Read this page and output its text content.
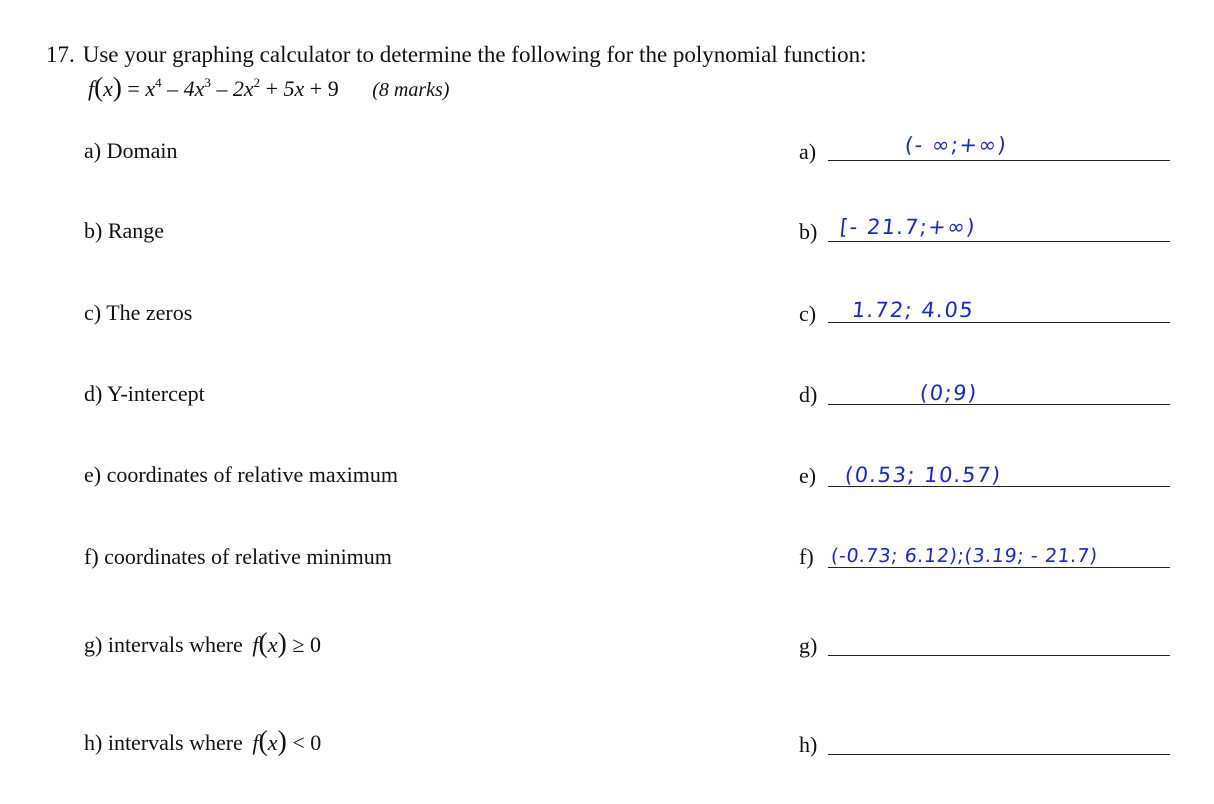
17. Use your graphing calculator to determine the following for the polynomial function:
$f(x) = x^4 - 4x^3 - 2x^2 + 5x + 9$ (8 marks)
a) Domain	a)	(- ∞;+∞)
b) Range	b) [- 21.7;+∞)
c) The zeros	c) 1.72; 4.05
d) Y-intercept	d)	(0;9)
e) coordinates of relative maximum	e) (0.53; 10.57)
f) coordinates of relative minimum	f) (-0.73; 6.12);(3.19; - 21.7)
g) intervals where f(x) ≥ 0	g)
h) intervals where f(x) < 0	h)
